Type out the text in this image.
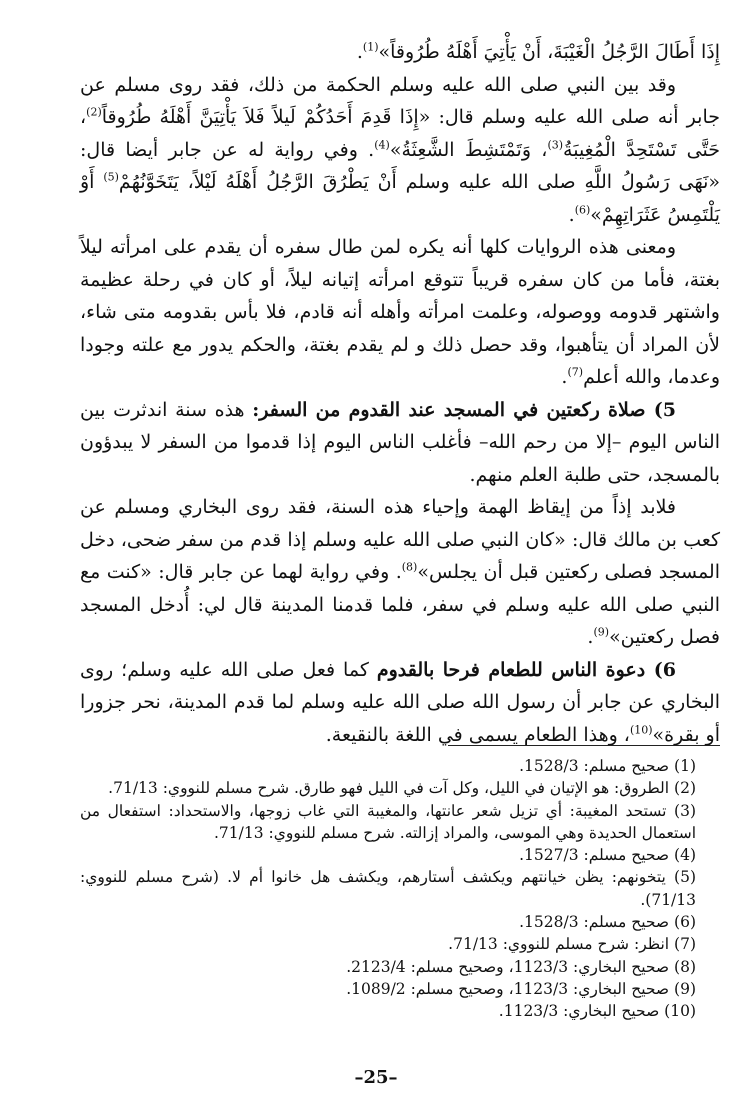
إِذَا أَطَالَ الرَّجُلُ الْغَيْبَةَ، أَنْ يَأْتِيَ أَهْلَهُ طُرُوقاً»$^{(1)}$.

وقد بين النبي صلى الله عليه وسلم الحكمة من ذلك، فقد روى مسلم عن جابر أنه صلى الله عليه وسلم قال: «إِذَا قَدِمَ أَحَدُكُمْ لَيلاً فَلاَ يَأْتِيَنَّ أَهْلَهُ طُرُوقاً$^{(2)}$، حَتَّى تَسْتَحِدَّ الْمُغِيبَةُ$^{(3)}$، وَتَمْتَشِطَ الشَّعِثَةُ»$^{(4)}$. وفي رواية له عن جابر أيضا قال: «نَهَى رَسُولُ اللَّهِ صلى الله عليه وسلم أَنْ يَطْرُقَ الرَّجُلُ أَهْلَهُ لَيْلاً، يَتَخَوَّنُهُمْ$^{(5)}$ أَوْ يَلْتَمِسُ عَثَرَاتِهِمْ»$^{(6)}$.

ومعنى هذه الروايات كلها أنه يكره لمن طال سفره أن يقدم على امرأته ليلاً بغتة، فأما من كان سفره قريباً تتوقع امرأته إتيانه ليلاً، أو كان في رحلة عظيمة واشتهر قدومه ووصوله، وعلمت امرأته وأهله أنه قادم، فلا بأس بقدومه متى شاء، لأن المراد أن يتأهبوا، وقد حصل ذلك و لم يقدم بغتة، والحكم يدور مع علته وجودا وعدما، والله أعلم$^{(7)}$.

5) صلاة ركعتين في المسجد عند القدوم من السفر: هذه سنة اندثرت بين الناس اليوم –إلا من رحم الله– فأغلب الناس اليوم إذا قدموا من السفر لا يبدؤون بالمسجد، حتى طلبة العلم منهم.

فلابد إذاً من إيقاظ الهمة وإحياء هذه السنة، فقد روى البخاري ومسلم عن كعب بن مالك قال: «كان النبي صلى الله عليه وسلم إذا قدم من سفر ضحى، دخل المسجد فصلى ركعتين قبل أن يجلس»$^{(8)}$. وفي رواية لهما عن جابر قال: «كنت مع النبي صلى الله عليه وسلم في سفر، فلما قدمنا المدينة قال لي: أُدخل المسجد فصل ركعتين»$^{(9)}$.

6) دعوة الناس للطعام فرحا بالقدوم كما فعل صلى الله عليه وسلم؛ روى البخاري عن جابر أن رسول الله صلى الله عليه وسلم لما قدم المدينة، نحر جزورا أو بقرة»$^{(10)}$، وهذا الطعام يسمى في اللغة بالنقيعة.

(1) صحيح مسلم: 1528/3.

(2) الطروق: هو الإتيان في الليل، وكل آت في الليل فهو طارق. شرح مسلم للنووي: 71/13.

(3) تستحد المغيبة: أي تزيل شعر عانتها، والمغيبة التي غاب زوجها، والاستحداد: استفعال من استعمال الحديدة وهي الموسى، والمراد إزالته. شرح مسلم للنووي: 71/13.

(4) صحيح مسلم: 1527/3.

(5) يتخونهم: يظن خيانتهم ويكشف أستارهم، ويكشف هل خانوا أم لا. (شرح مسلم للنووي: 71/13).

(6) صحيح مسلم: 1528/3.

(7) انظر: شرح مسلم للنووي: 71/13.

(8) صحيح البخاري: 1123/3، وصحيح مسلم: 2123/4.

(9) صحيح البخاري: 1123/3، وصحيح مسلم: 1089/2.

(10) صحيح البخاري: 1123/3.

–25–
